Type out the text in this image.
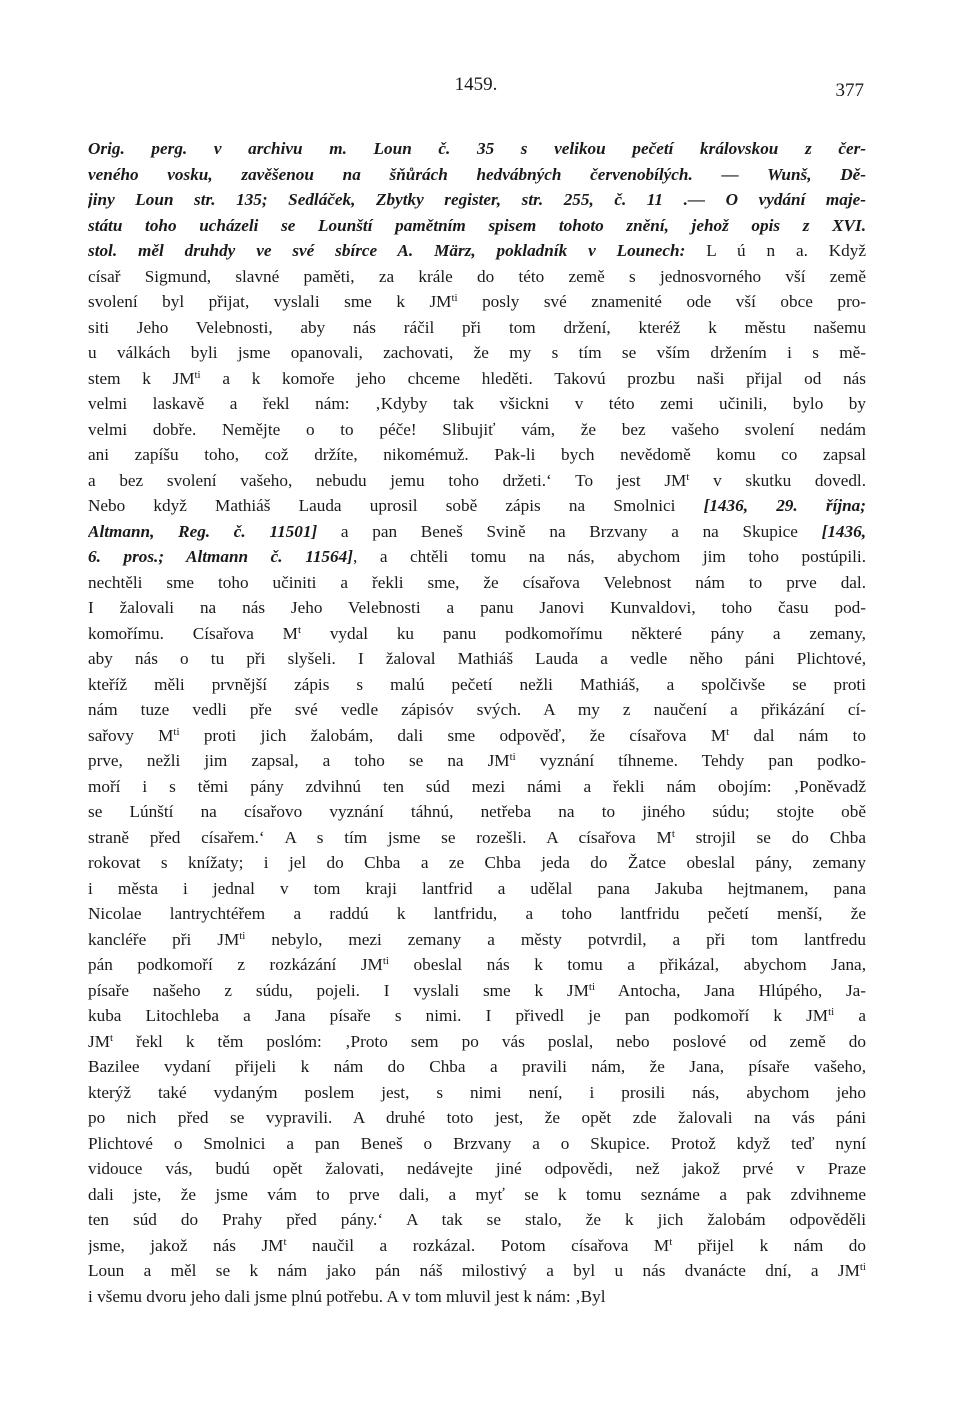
1459.	377
Orig. perg. v archivu m. Loun č. 35 s velikou pečetí královskou z čer-
veného vosku, zavěšenou na šňůrách hedvábných červenobílých. — Wunš, Dě-
jiny Loun str. 135; Sedláček, Zbytky register, str. 255, č. 11 .— O vydání maje-
státu toho ucházeli se Lounští pamětním spisem tohoto znění, jehož opis z XVI.
stol. měl druhdy ve své sbírce A. März, pokladník v Lounech: L ú n a. Když
císař Sigmund, slavné paměti, za krále do této země s jednosvorného vší země
svolení byl přijat, vyslali sme k $JM^{ti}$ posly své znamenité ode vší obce pro-
siti Jeho Velebnosti, aby nás ráčil při tom držení, kteréž k městu našemu
u válkách byli jsme opanovali, zachovati, že my s tím se vším držením i s mě-
stem k $JM^{ti}$ a k komoře jeho chceme hleděti. Takovú prozbu naši přijal od nás
velmi laskavě a řekl nám: ‚Kdyby tak všickni v této zemi učinili, bylo by
velmi dobře. Nemějte o to péče! Slibujiť vám, že bez vašeho svolení nedám
ani zapíšu toho, což držíte, nikomémuž. Pak-li bych nevědomě komu co zapsal
a bez svolení vašeho, nebudu jemu toho držeti.‘ To jest $JM^t$ v skutku dovedl.
Nebo když Mathiáš Lauda uprosil sobě zápis na Smolnici [1436, 29. října;
Altmann, Reg. č. 11501] a pan Beneš Svině na Brzvany a na Skupice [1436,
6. pros.; Altmann č. 11564], a chtěli tomu na nás, abychom jim toho postúpili.
nechtěli sme toho učiniti a řekli sme, že císařova Velebnost nám to prve dal.
I žalovali na nás Jeho Velebnosti a panu Janovi Kunvaldovi, toho času pod-
komořímu. Císařova $M^t$ vydal ku panu podkomořímu některé pány a zemany,
aby nás o tu při slyšeli. I žaloval Mathiáš Lauda a vedle něho páni Plichtové,
kteříž měli prvnější zápis s malú pečetí nežli Mathiáš, a spolčivše se proti
nám tuze vedli pře své vedle zápisóv svých. A my z naučení a přikázání cí-
sařovy $M^{ti}$ proti jich žalobám, dali sme odpověď, že císařova $M^t$ dal nám to
prve, nežli jim zapsal, a toho se na $JM^{ti}$ vyznání tíhneme. Tehdy pan podko-
moří i s těmi pány zdvihnú ten súd mezi námi a řekli nám obojím: ‚Poněvadž
se Lúnští na císařovo vyznání táhnú, netřeba na to jiného súdu; stojte obě
straně před císařem.‘ A s tím jsme se rozešli. A císařova $M^t$ strojil se do Chba
rokovat s knížaty; i jel do Chba a ze Chba jeda do Žatce obeslal pány, zemany
i města i jednal v tom kraji lantfrid a udělal pana Jakuba hejtmanem, pana
Nicolae lantrychtéřem a raddú k lantfridu, a toho lantfridu pečetí menší, že
kancléře při $JM^{ti}$ nebylo, mezi zemany a městy potvrdil, a při tom lantfredu
pán podkomoří z rozkázání $JM^{ti}$ obeslal nás k tomu a přikázal, abychom Jana,
písaře našeho z súdu, pojeli. I vyslali sme k $JM^{ti}$ Antocha, Jana Hlúpého, Ja-
kuba Litochleba a Jana písaře s nimi. I přivedl je pan podkomoří k $JM^{ti}$ a
$JM^t$ řekl k těm poslóm: ‚Proto sem po vás poslal, nebo poslové od země do
Bazilee vydaní přijeli k nám do Chba a pravili nám, že Jana, písaře vašeho,
kterýž také vydaným poslem jest, s nimi není, i prosili nás, abychom jeho
po nich před se vypravili. A druhé toto jest, že opět zde žalovali na vás páni
Plichtové o Smolnici a pan Beneš o Brzvany a o Skupice. Protož když teď nyní
vidouce vás, budú opět žalovati, nedávejte jiné odpovědi, než jakož prvé v Praze
dali jste, že jsme vám to prve dali, a myť se k tomu seznáme a pak zdvihneme
ten súd do Prahy před pány.‘ A tak se stalo, že k jich žalobám odpověděli
jsme, jakož nás $JM^t$ naučil a rozkázal. Potom císařova $M^t$ přijel k nám do
Loun a měl se k nám jako pán náš milostivý a byl u nás dvanácte dní, a $JM^{ti}$
i všemu dvoru jeho dali jsme plnú potřebu. A v tom mluvil jest k nám: ‚Byl
